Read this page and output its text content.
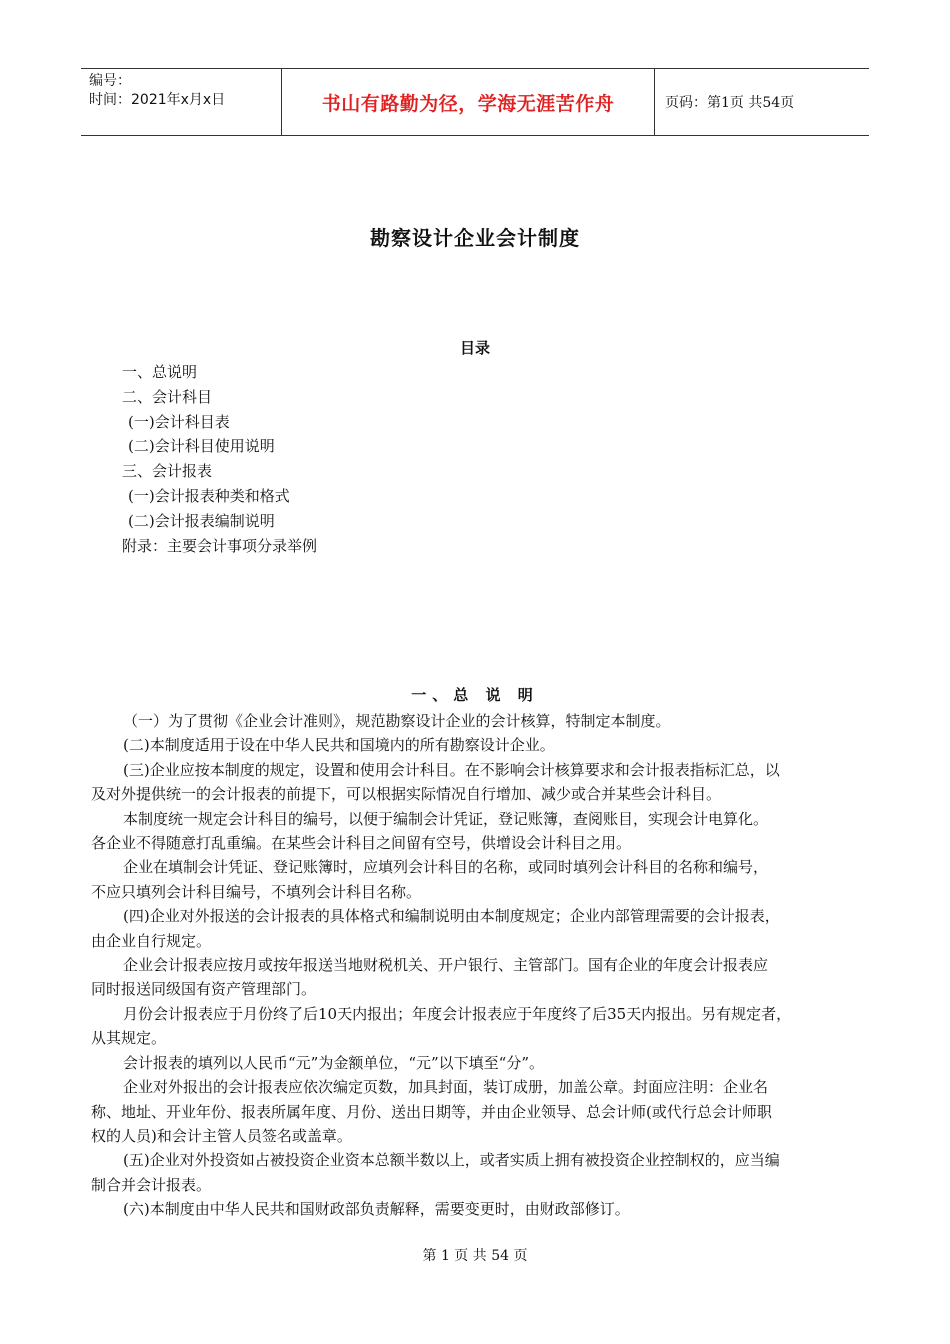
编号：
时间：2021年x月x日	书山有路勤为径，学海无涯苦作舟	页码：第1页 共54页
勘察设计企业会计制度
目录
一、总说明
二、会计科目
(一)会计科目表
(二)会计科目使用说明
三、会计报表
(一)会计报表种类和格式
(二)会计报表编制说明
附录：主要会计事项分录举例
一、总 说 明
（一）为了贯彻《企业会计准则》，规范勘察设计企业的会计核算，特制定本制度。
(二)本制度适用于设在中华人民共和国境内的所有勘察设计企业。
(三)企业应按本制度的规定，设置和使用会计科目。在不影响会计核算要求和会计报表指标汇总，以
及对外提供统一的会计报表的前提下，可以根据实际情况自行增加、减少或合并某些会计科目。
本制度统一规定会计科目的编号，以便于编制会计凭证，登记账簿，查阅账目，实现会计电算化。
各企业不得随意打乱重编。在某些会计科目之间留有空号，供增设会计科目之用。
企业在填制会计凭证、登记账簿时，应填列会计科目的名称，或同时填列会计科目的名称和编号，
不应只填列会计科目编号，不填列会计科目名称。
(四)企业对外报送的会计报表的具体格式和编制说明由本制度规定；企业内部管理需要的会计报表，
由企业自行规定。
企业会计报表应按月或按年报送当地财税机关、开户银行、主管部门。国有企业的年度会计报表应
同时报送同级国有资产管理部门。
月份会计报表应于月份终了后10天内报出；年度会计报表应于年度终了后35天内报出。另有规定者，
从其规定。
会计报表的填列以人民币“元”为金额单位，“元”以下填至“分”。
企业对外报出的会计报表应依次编定页数，加具封面，装订成册，加盖公章。封面应注明：企业名
称、地址、开业年份、报表所属年度、月份、送出日期等，并由企业领导、总会计师(或代行总会计师职
权的人员)和会计主管人员签名或盖章。
(五)企业对外投资如占被投资企业资本总额半数以上，或者实质上拥有被投资企业控制权的，应当编
制合并会计报表。
(六)本制度由中华人民共和国财政部负责解释，需要变更时，由财政部修订。
第 1 页 共 54 页
